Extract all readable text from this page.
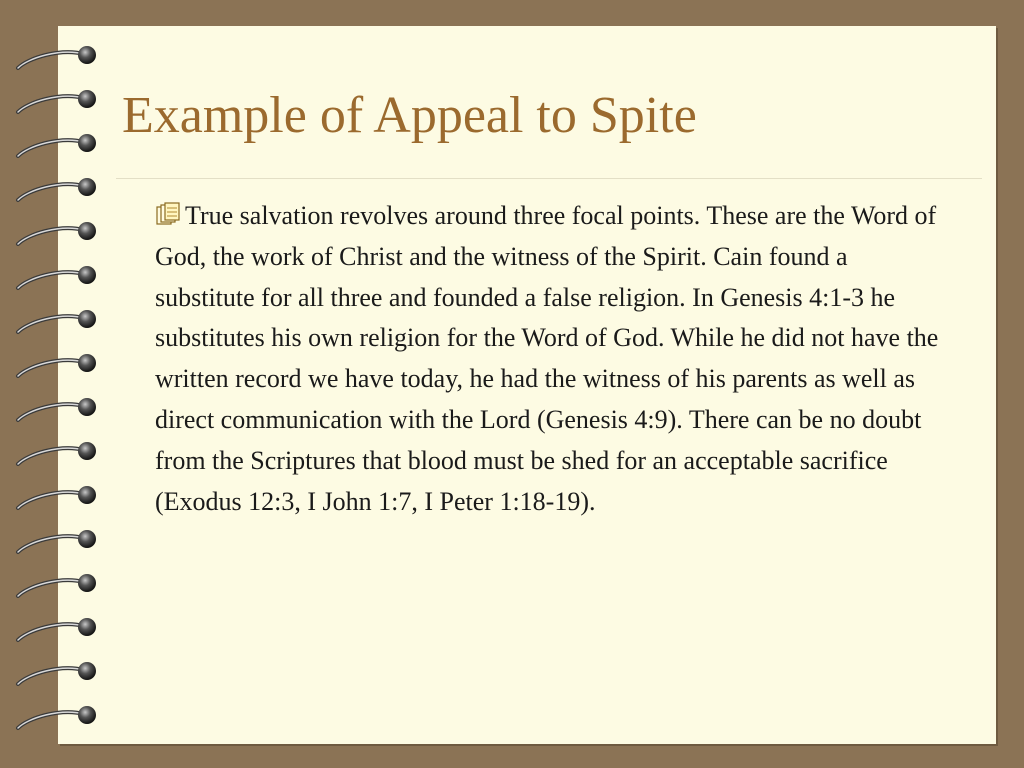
Example of Appeal to Spite

True salvation revolves around three focal points. These are the Word of God, the work of Christ and the witness of the Spirit. Cain found a substitute for all three and founded a false religion. In Genesis 4:1-3 he substitutes his own religion for the Word of God. While he did not have the written record we have today, he had the witness of his parents as well as direct communication with the Lord (Genesis 4:9). There can be no doubt from the Scriptures that blood must be shed for an acceptable sacrifice (Exodus 12:3, I John 1:7, I Peter 1:18-19).
